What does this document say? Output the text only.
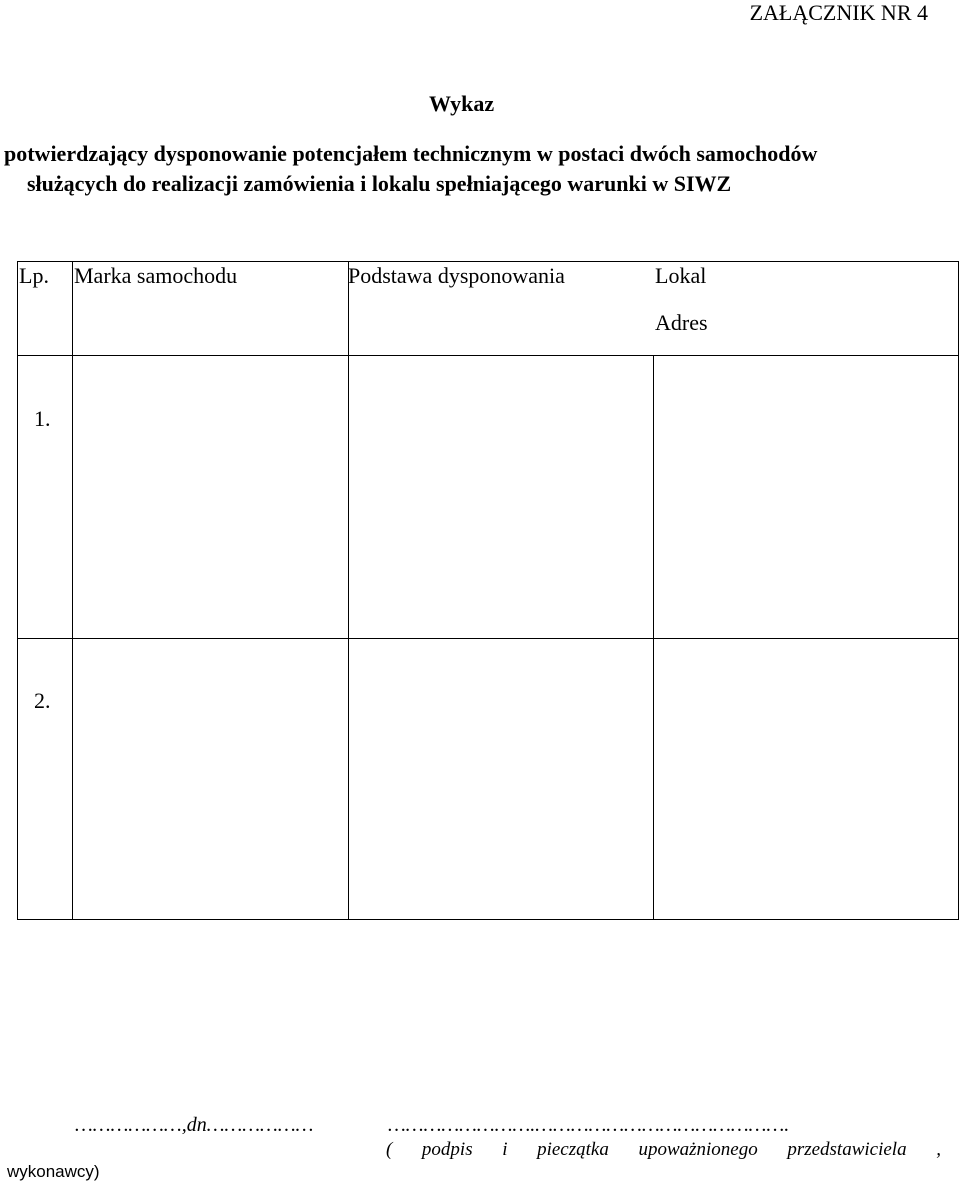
ZAŁĄCZNIK NR 4
Wykaz
potwierdzający dysponowanie potencjałem technicznym w postaci dwóch samochodów
służących do realizacji zamówienia i lokalu spełniającego warunki w SIWZ
Lp. Marka samochodu	Podstawa dysponowania	Lokal
Adres
1.
2.
………………,dn………………	…………………….…………………………………….
( podpis i pieczątka upoważnionego przedstawiciela ,
wykonawcy)
